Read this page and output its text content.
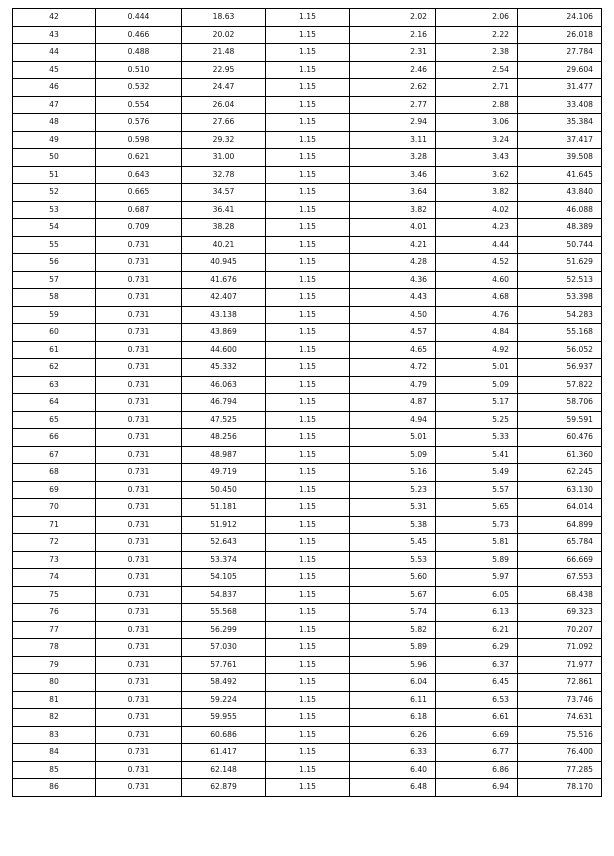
42	0.444	18.63	1.15	2.02	2.06	24.106
43	0.466	20.02	1.15	2.16	2.22	26.018
44	0.488	21.48	1.15	2.31	2.38	27.784
45	0.510	22.95	1.15	2.46	2.54	29.604
46	0.532	24.47	1.15	2.62	2.71	31.477
47	0.554	26.04	1.15	2.77	2.88	33.408
48	0.576	27.66	1.15	2.94	3.06	35.384
49	0.598	29.32	1.15	3.11	3.24	37.417
50	0.621	31.00	1.15	3.28	3.43	39.508
51	0.643	32.78	1.15	3.46	3.62	41.645
52	0.665	34.57	1.15	3.64	3.82	43.840
53	0.687	36.41	1.15	3.82	4.02	46.088
54	0.709	38.28	1.15	4.01	4.23	48.389
55	0.731	40.21	1.15	4.21	4.44	50.744
56	0.731	40.945	1.15	4.28	4.52	51.629
57	0.731	41.676	1.15	4.36	4.60	52.513
58	0.731	42.407	1.15	4.43	4.68	53.398
59	0.731	43.138	1.15	4.50	4.76	54.283
60	0.731	43.869	1.15	4.57	4.84	55.168
61	0.731	44.600	1.15	4.65	4.92	56.052
62	0.731	45.332	1.15	4.72	5.01	56.937
63	0.731	46.063	1.15	4.79	5.09	57.822
64	0.731	46.794	1.15	4.87	5.17	58.706
65	0.731	47.525	1.15	4.94	5.25	59.591
66	0.731	48.256	1.15	5.01	5.33	60.476
67	0.731	48.987	1.15	5.09	5.41	61.360
68	0.731	49.719	1.15	5.16	5.49	62.245
69	0.731	50.450	1.15	5.23	5.57	63.130
70	0.731	51.181	1.15	5.31	5.65	64.014
71	0.731	51.912	1.15	5.38	5.73	64.899
72	0.731	52.643	1.15	5.45	5.81	65.784
73	0.731	53.374	1.15	5.53	5.89	66.669
74	0.731	54.105	1.15	5.60	5.97	67.553
75	0.731	54.837	1.15	5.67	6.05	68.438
76	0.731	55.568	1.15	5.74	6.13	69.323
77	0.731	56.299	1.15	5.82	6.21	70.207
78	0.731	57.030	1.15	5.89	6.29	71.092
79	0.731	57.761	1.15	5.96	6.37	71.977
80	0.731	58.492	1.15	6.04	6.45	72.861
81	0.731	59.224	1.15	6.11	6.53	73.746
82	0.731	59.955	1.15	6.18	6.61	74.631
83	0.731	60.686	1.15	6.26	6.69	75.516
84	0.731	61.417	1.15	6.33	6.77	76.400
85	0.731	62.148	1.15	6.40	6.86	77.285
86	0.731	62.879	1.15	6.48	6.94	78.170
